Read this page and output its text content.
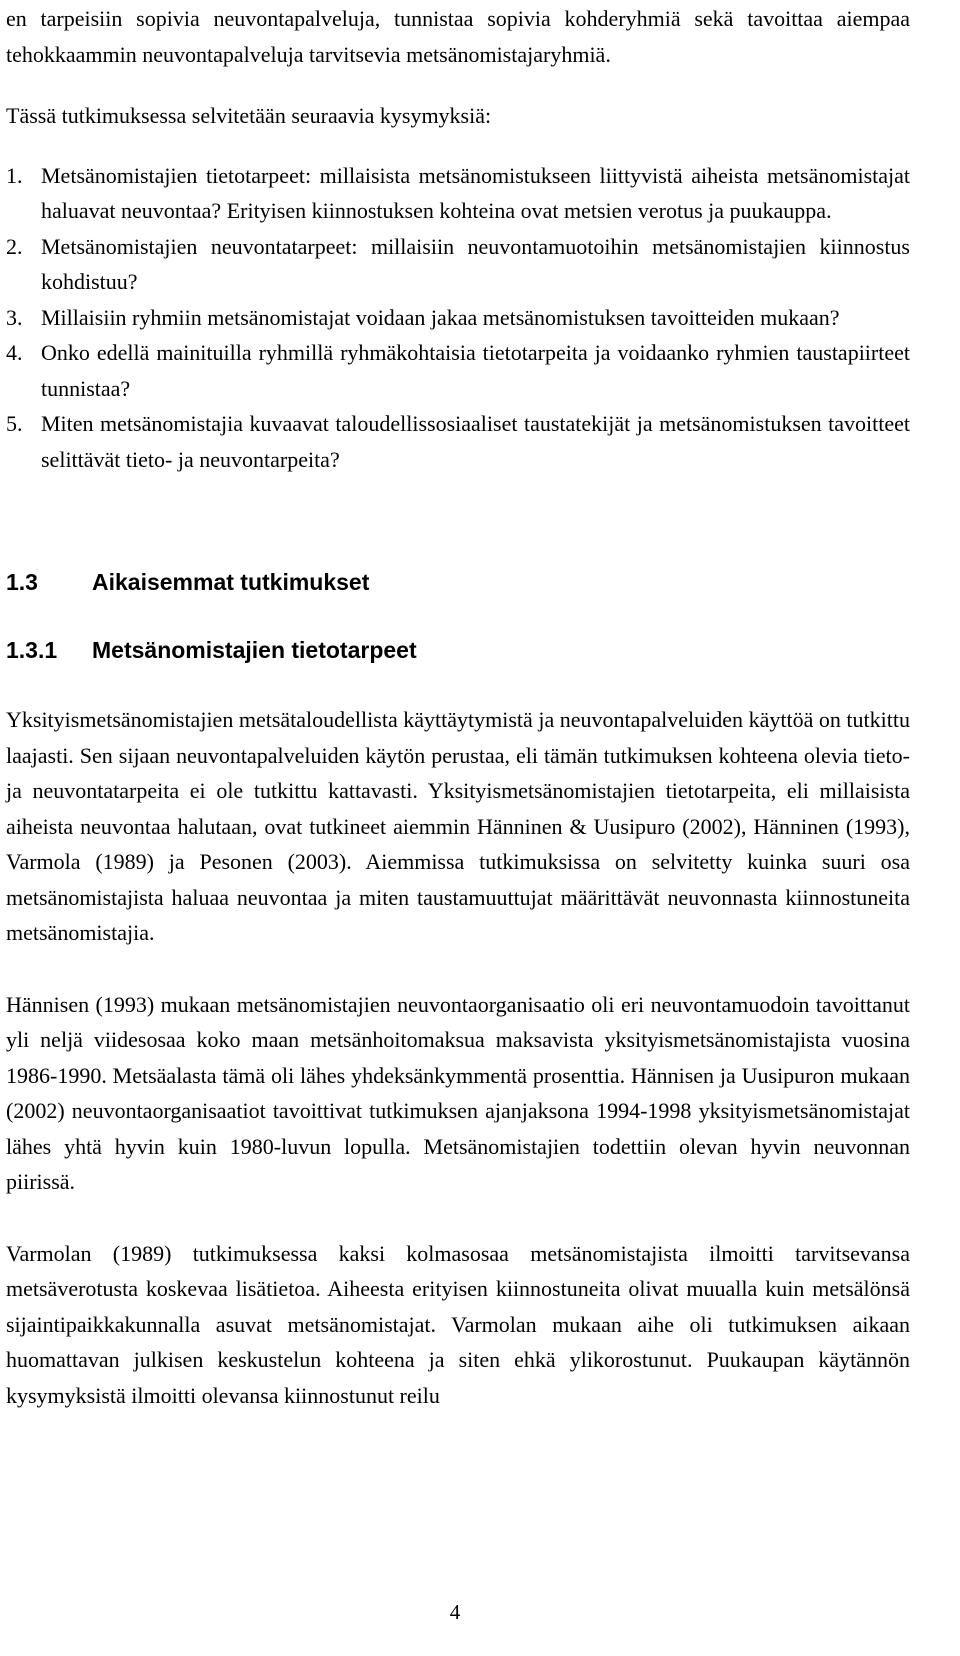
en tarpeisiin sopivia neuvontapalveluja, tunnistaa sopivia kohderyhmiä sekä tavoittaa aiempaa tehokkaammin neuvontapalveluja tarvitsevia metsänomistajaryhmiä.

Tässä tutkimuksessa selvitetään seuraavia kysymyksiä:

1. Metsänomistajien tietotarpeet: millaisista metsänomistukseen liittyvistä aiheista metsänomistajat haluavat neuvontaa? Erityisen kiinnostuksen kohteina ovat metsien verotus ja puukauppa.
2. Metsänomistajien neuvontatarpeet: millaisiin neuvontamuotoihin metsänomistajien kiinnostus kohdistuu?
3. Millaisiin ryhmiin metsänomistajat voidaan jakaa metsänomistuksen tavoitteiden mukaan?
4. Onko edellä mainituilla ryhmillä ryhmäkohtaisia tietotarpeita ja voidaanko ryhmien taustapiirteet tunnistaa?
5. Miten metsänomistajia kuvaavat taloudellissosiaaliset taustatekijät ja metsänomistuksen tavoitteet selittävät tieto- ja neuvontarpeita?
1.3	Aikaisemmat tutkimukset
1.3.1	Metsänomistajien tietotarpeet

Yksityismetsänomistajien metsätaloudellista käyttäytymistä ja neuvontapalveluiden käyttöä on tutkittu laajasti. Sen sijaan neuvontapalveluiden käytön perustaa, eli tämän tutkimuksen kohteena olevia tieto- ja neuvontatarpeita ei ole tutkittu kattavasti. Yksityismetsänomistajien tietotarpeita, eli millaisista aiheista neuvontaa halutaan, ovat tutkineet aiemmin Hänninen & Uusipuro (2002), Hänninen (1993), Varmola (1989) ja Pesonen (2003). Aiemmissa tutkimuksissa on selvitetty kuinka suuri osa metsänomistajista haluaa neuvontaa ja miten taustamuuttujat määrittävät neuvonnasta kiinnostuneita metsänomistajia.

Hännisen (1993) mukaan metsänomistajien neuvontaorganisaatio oli eri neuvontamuodoin tavoittanut yli neljä viidesosaa koko maan metsänhoitomaksua maksavista yksityismetsänomistajista vuosina 1986-1990. Metsäalasta tämä oli lähes yhdeksänkymmentä prosenttia. Hännisen ja Uusipuron mukaan (2002) neuvontaorganisaatiot tavoittivat tutkimuksen ajanjaksona 1994-1998 yksityismetsänomistajat lähes yhtä hyvin kuin 1980-luvun lopulla. Metsänomistajien todettiin olevan hyvin neuvonnan piirissä.

Varmolan (1989) tutkimuksessa kaksi kolmasosaa metsänomistajista ilmoitti tarvitsevansa metsäverotusta koskevaa lisätietoa. Aiheesta erityisen kiinnostuneita olivat muualla kuin metsälönsä sijaintipaikkakunnalla asuvat metsänomistajat. Varmolan mukaan aihe oli tutkimuksen aikaan huomattavan julkisen keskustelun kohteena ja siten ehkä ylikorostunut. Puukaupan käytännön kysymyksistä ilmoitti olevansa kiinnostunut reilu

4
